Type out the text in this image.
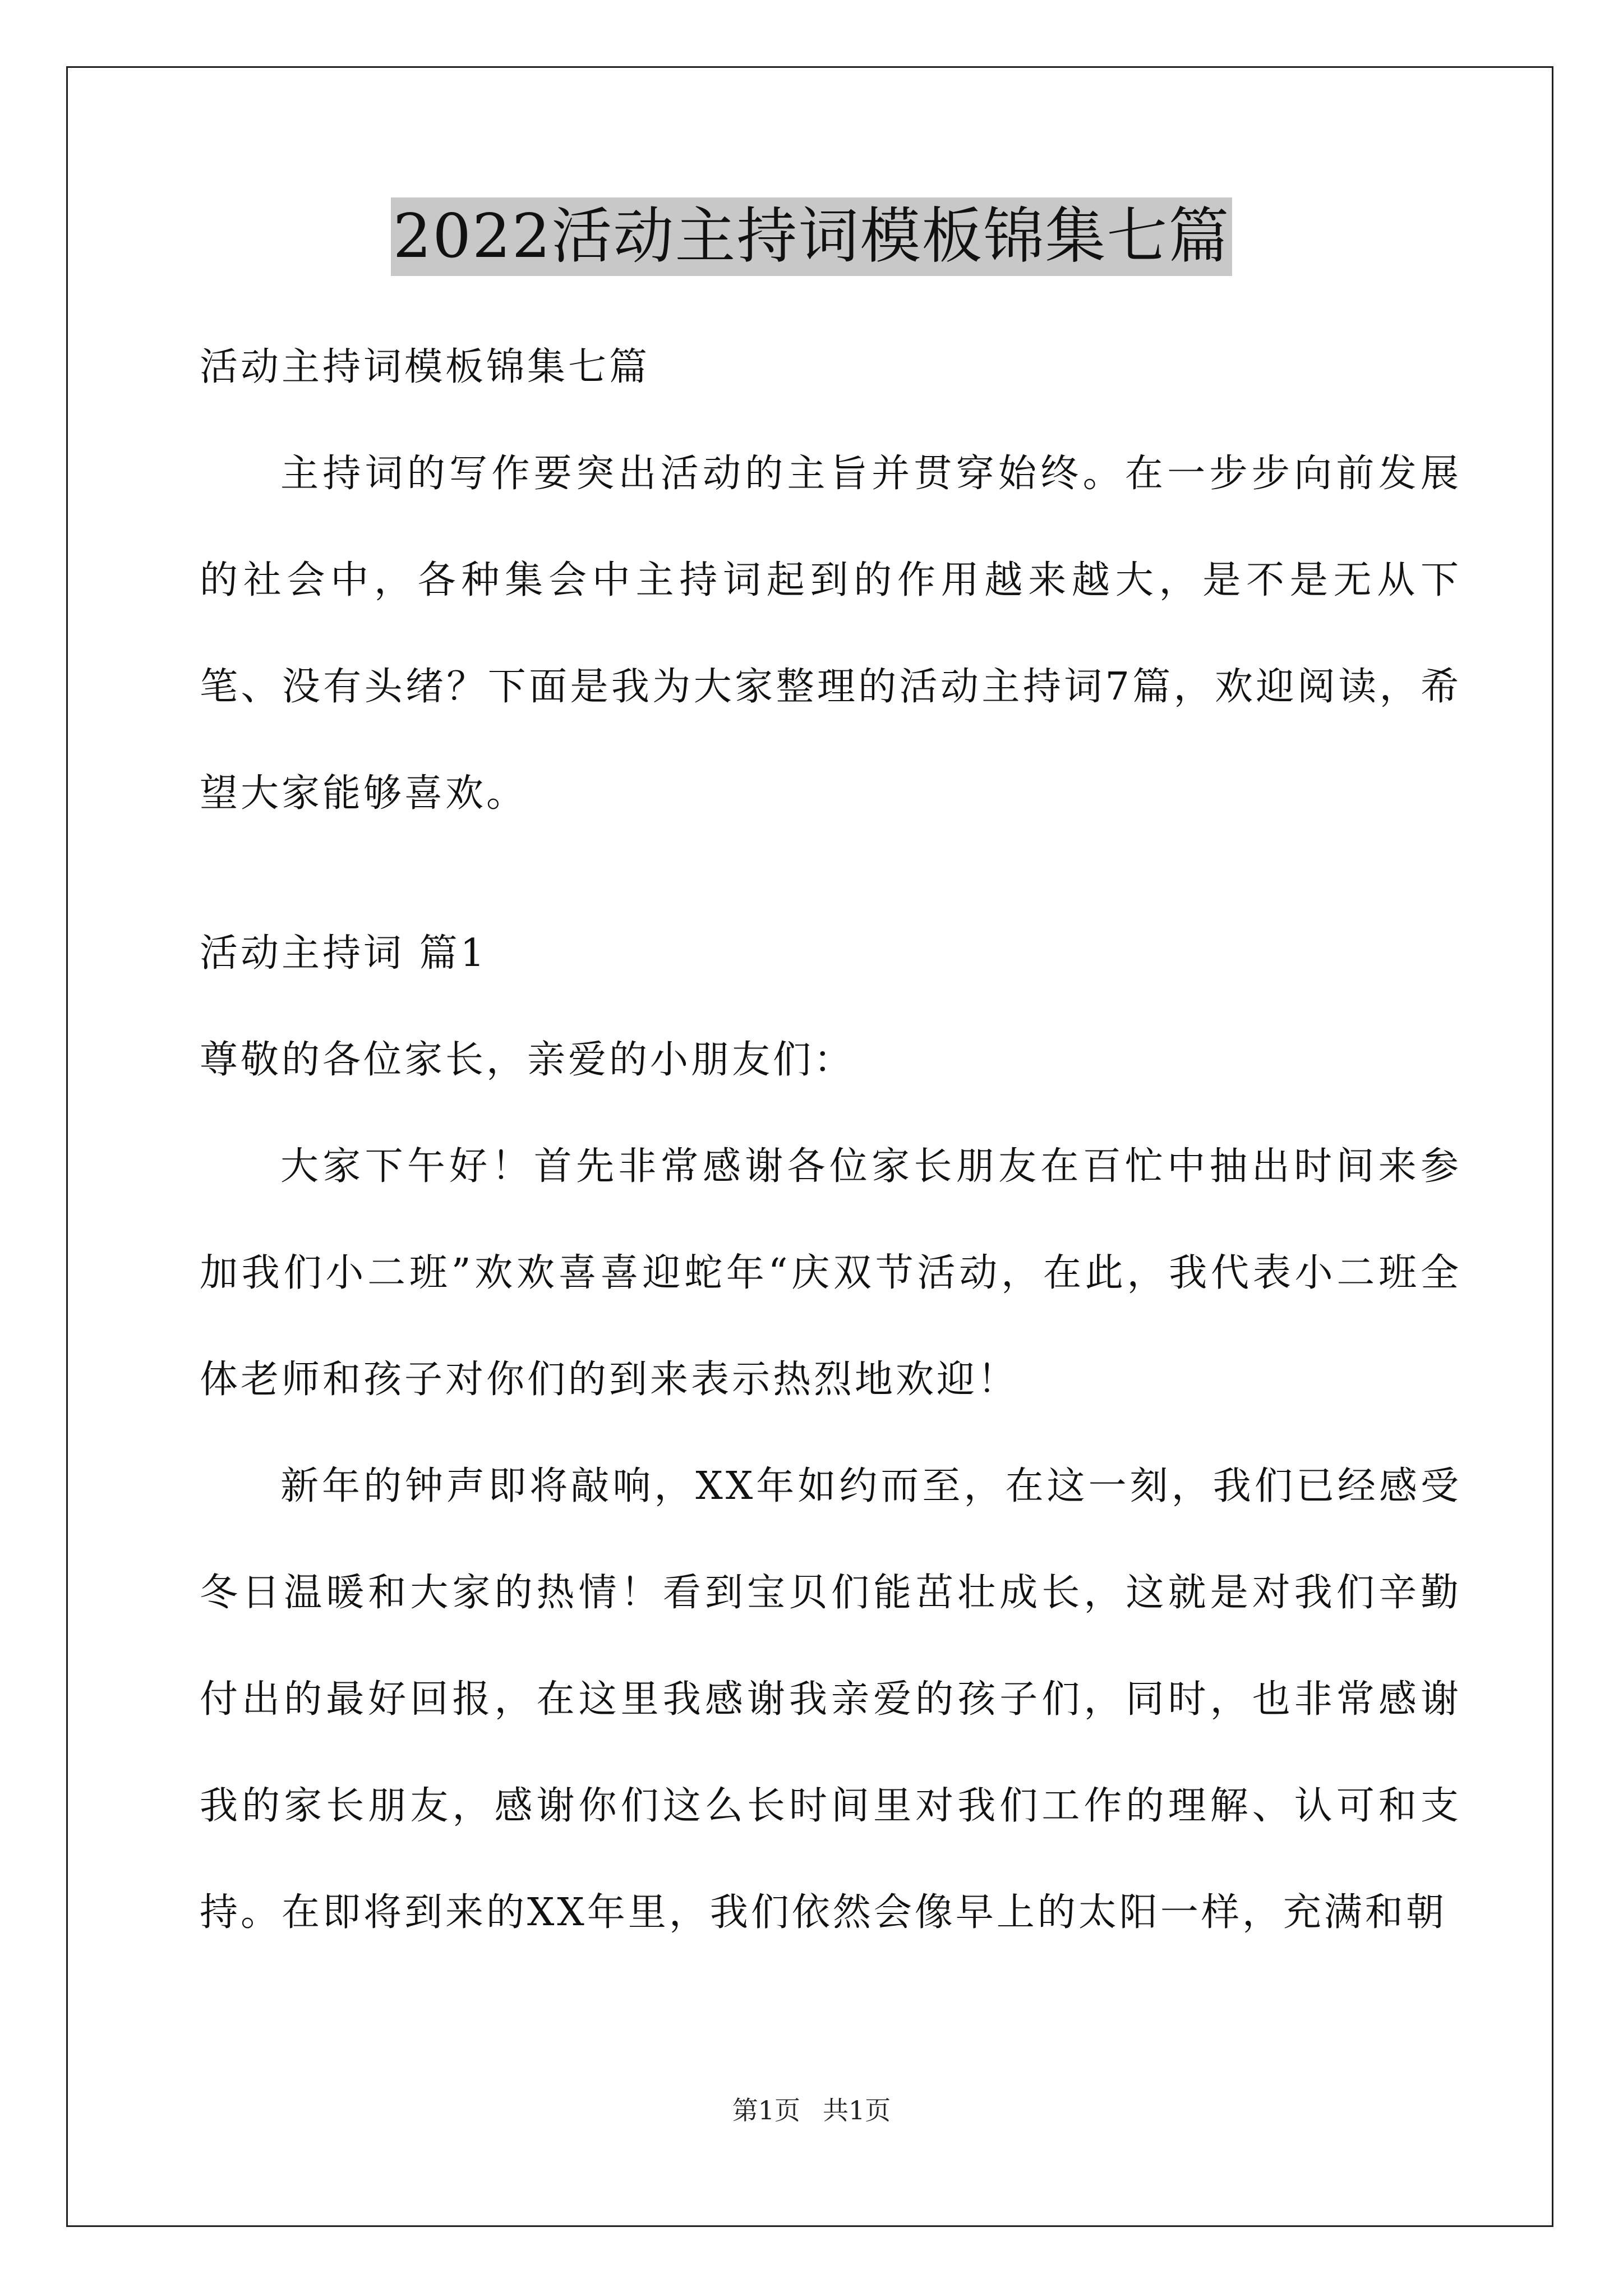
2022活动主持词模板锦集七篇

活动主持词模板锦集七篇

主持词的写作要突出活动的主旨并贯穿始终。在一步步向前发展的社会中，各种集会中主持词起到的作用越来越大，是不是无从下笔、没有头绪？下面是我为大家整理的活动主持词7篇，欢迎阅读，希望大家能够喜欢。

活动主持词 篇1

尊敬的各位家长，亲爱的小朋友们：

大家下午好！首先非常感谢各位家长朋友在百忙中抽出时间来参加我们小二班”欢欢喜喜迎蛇年“庆双节活动，在此，我代表小二班全体老师和孩子对你们的到来表示热烈地欢迎！

新年的钟声即将敲响，XX年如约而至，在这一刻，我们已经感受冬日温暖和大家的热情！看到宝贝们能茁壮成长，这就是对我们辛勤付出的最好回报，在这里我感谢我亲爱的孩子们，同时，也非常感谢我的家长朋友，感谢你们这么长时间里对我们工作的理解、认可和支持。在即将到来的XX年里，我们依然会像早上的太阳一样，充满和朝

第1页 共1页
